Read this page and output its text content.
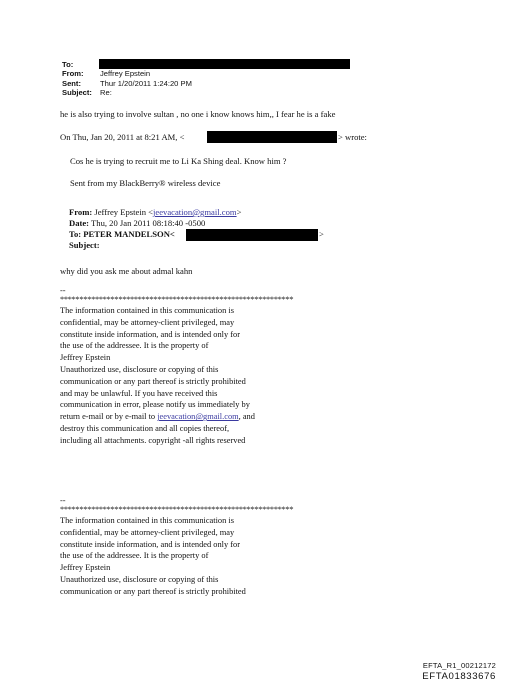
To:
From: Jeffrey Epstein
Sent:	Thur 1/20/2011 1:24:20 PM
Subject: Re:
he is also trying to involve sultan , no one i know knows him,, I fear he is a fake
On Thu, Jan 20, 2011 at 8:21 AM, <	> wrote:
Cos he is trying to recruit me to Li Ka Shing deal. Know him ?
Sent from my BlackBerry® wireless device
From: Jeffrey Epstein <jeevacation@gmail.com>
Date: Thu, 20 Jan 2011 08:18:40 -0500
To: PETER MANDELSON<	>
Subject:
why did you ask me about admal kahn
--
************************************************************
The information contained in this communication is
confidential, may be attorney-client privileged, may
constitute inside information, and is intended only for
the use of the addressee. It is the property of
Jeffrey Epstein
Unauthorized use, disclosure or copying of this
communication or any part thereof is strictly prohibited
and may be unlawful. If you have received this
communication in error, please notify us immediately by
return e-mail or by e-mail to jeevacation@gmail.com, and
destroy this communication and all copies thereof,
including all attachments. copyright -all rights reserved
--
************************************************************
The information contained in this communication is
confidential, may be attorney-client privileged, may
constitute inside information, and is intended only for
the use of the addressee. It is the property of
Jeffrey Epstein
Unauthorized use, disclosure or copying of this
communication or any part thereof is strictly prohibited
EFTA_R1_00212172
EFTA01833676
